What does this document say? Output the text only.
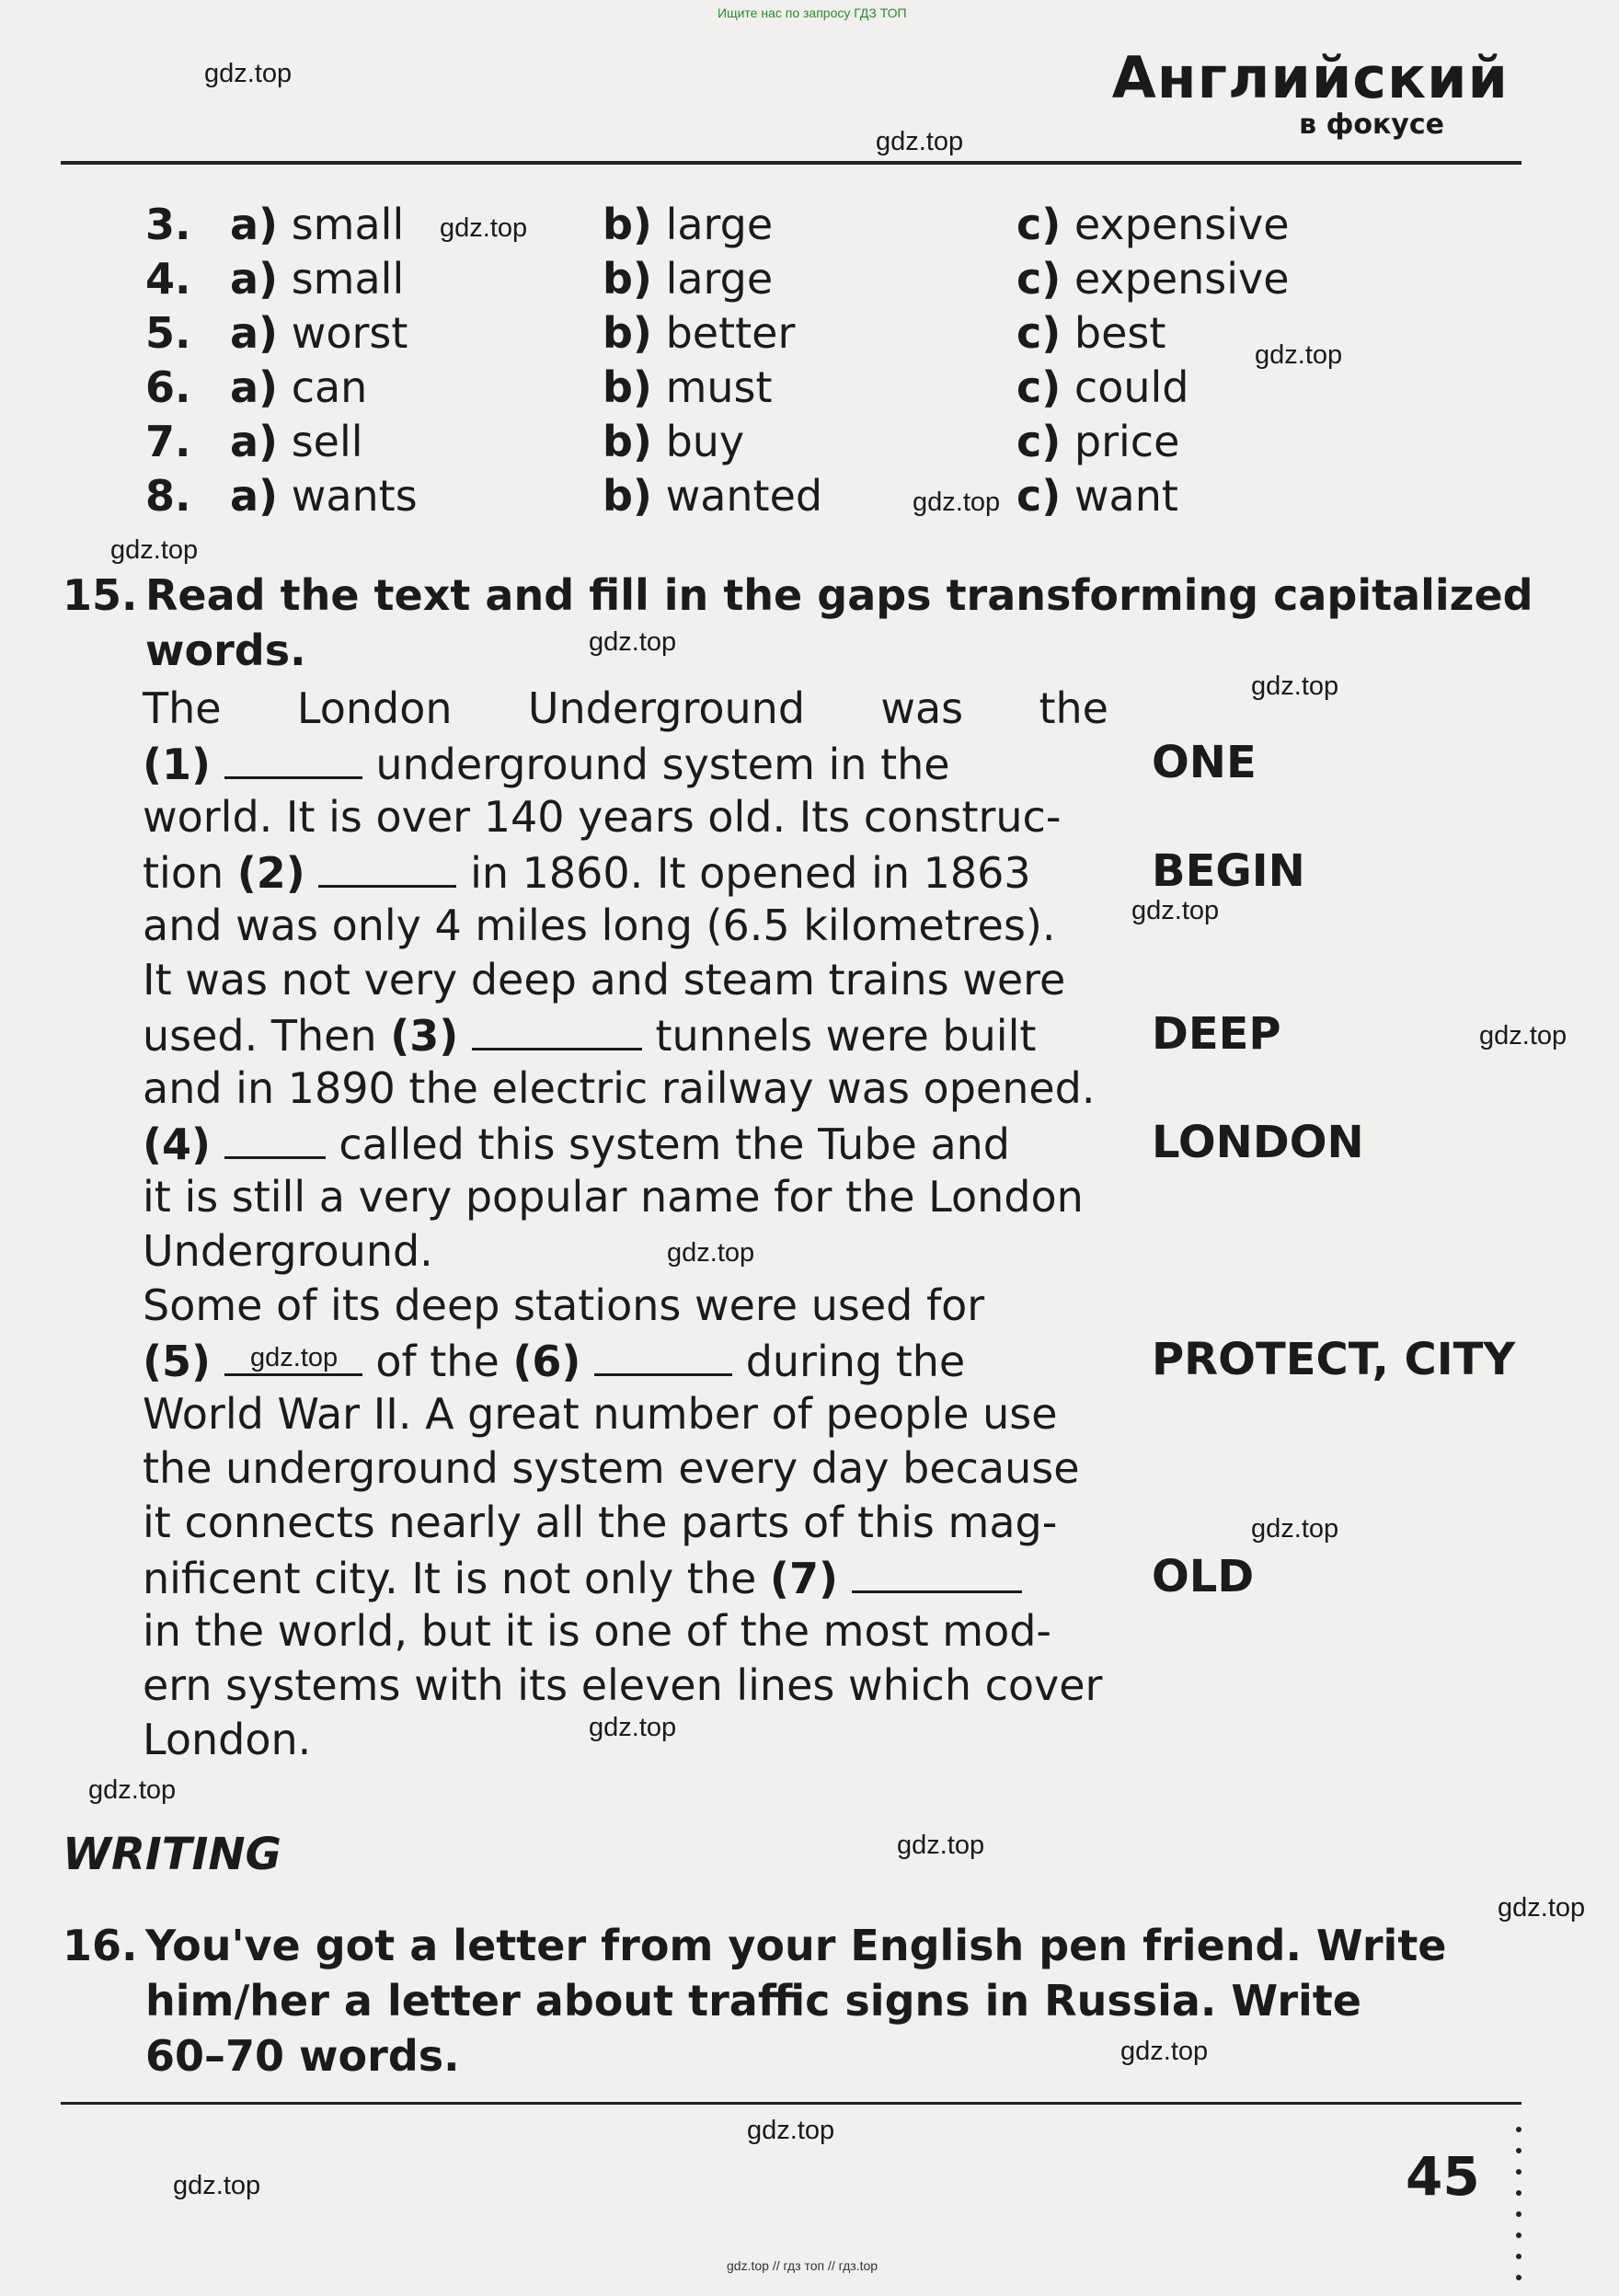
Ищите нас по запросу ГДЗ ТОП
gdz.top // гдз топ // гдз.top
Английский
в фокусе
gdz.top
gdz.top
gdz.top
gdz.top
gdz.top
gdz.top
gdz.top
gdz.top
gdz.top
gdz.top
gdz.top
gdz.top
gdz.top
gdz.top
gdz.top
gdz.top
gdz.top
gdz.top
gdz.top
gdz.top
3. a) small	b) large	c) expensive
4. a) small	b) large	c) expensive
5. a) worst	b) better	c) best
6. a) can	b) must	c) could
7. a) sell	b) buy	c) price
8. a) wants	b) wanted	c) want
15. Read the text and fill in the gaps transforming capitalized
words.
The London Underground was the
(1)	underground system in the
world. It is over 140 years old. Its construc-
tion (2)	in 1860. It opened in 1863
and was only 4 miles long (6.5 kilometres).
It was not very deep and steam trains were
used. Then (3)	tunnels were built
and in 1890 the electric railway was opened.
(4)	called this system the Tube and
it is still a very popular name for the London
Underground.
Some of its deep stations were used for
(5)	of the (6)	during the
World War II. A great number of people use
the underground system every day because
it connects nearly all the parts of this mag-
nificent city. It is not only the (7)
in the world, but it is one of the most mod-
ern systems with its eleven lines which cover
London.
ONE
BEGIN
DEEP
LONDON
PROTECT, CITY
OLD
WRITING
16. You've got a letter from your English pen friend. Write
him/her a letter about traffic signs in Russia. Write
60–70 words.
45
